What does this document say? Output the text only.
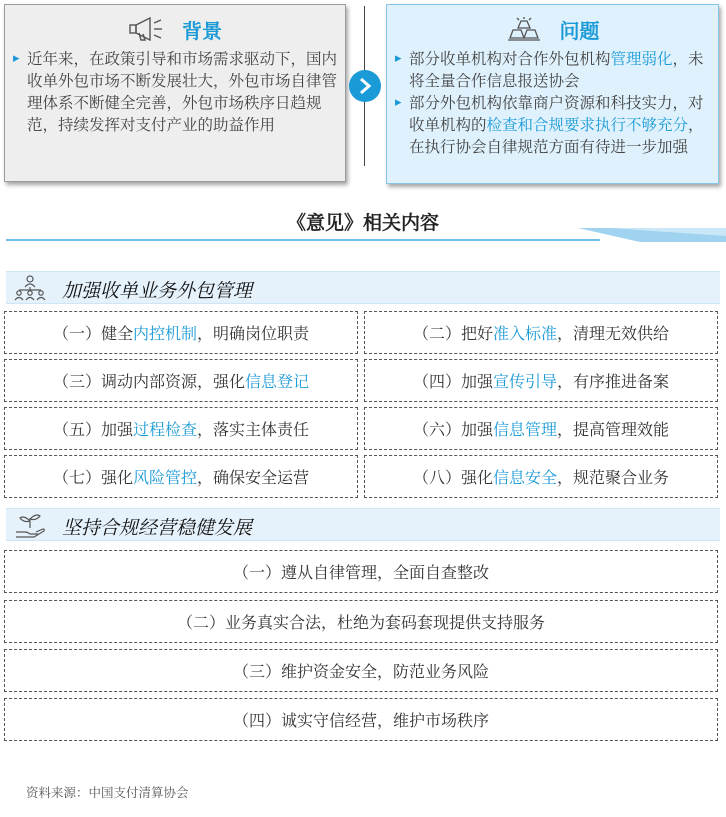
背景
▸ 近年来，在政策引导和市场需求驱动下，国内收单外包市场不断发展壮大，外包市场自律管理体系不断健全完善，外包市场秩序日趋规范，持续发挥对支付产业的助益作用
问题
▸ 部分收单机构对合作外包机构管理弱化，未将全量合作信息报送协会
▸ 部分外包机构依靠商户资源和科技实力，对收单机构的检查和合规要求执行不够充分，在执行协会自律规范方面有待进一步加强
《意见》相关内容
加强收单业务外包管理
（一）健全 内控机制 ，明确岗位职责	（二）把好 准入标准 ，清理无效供给
（三）调动内部资源，强化 信息登记	（四）加强 宣传引导 ，有序推进备案
（五）加强 过程检查 ，落实主体责任	（六）加强 信息管理 ，提高管理效能
（七）强化 风险管控 ，确保安全运营	（八）强化 信息安全 ，规范聚合业务
坚持合规经营稳健发展
（一）遵从自律管理，全面自查整改
（二）业务真实合法，杜绝为套码套现提供支持服务
（三）维护资金安全，防范业务风险
（四）诚实守信经营，维护市场秩序
资料来源：中国支付清算协会
